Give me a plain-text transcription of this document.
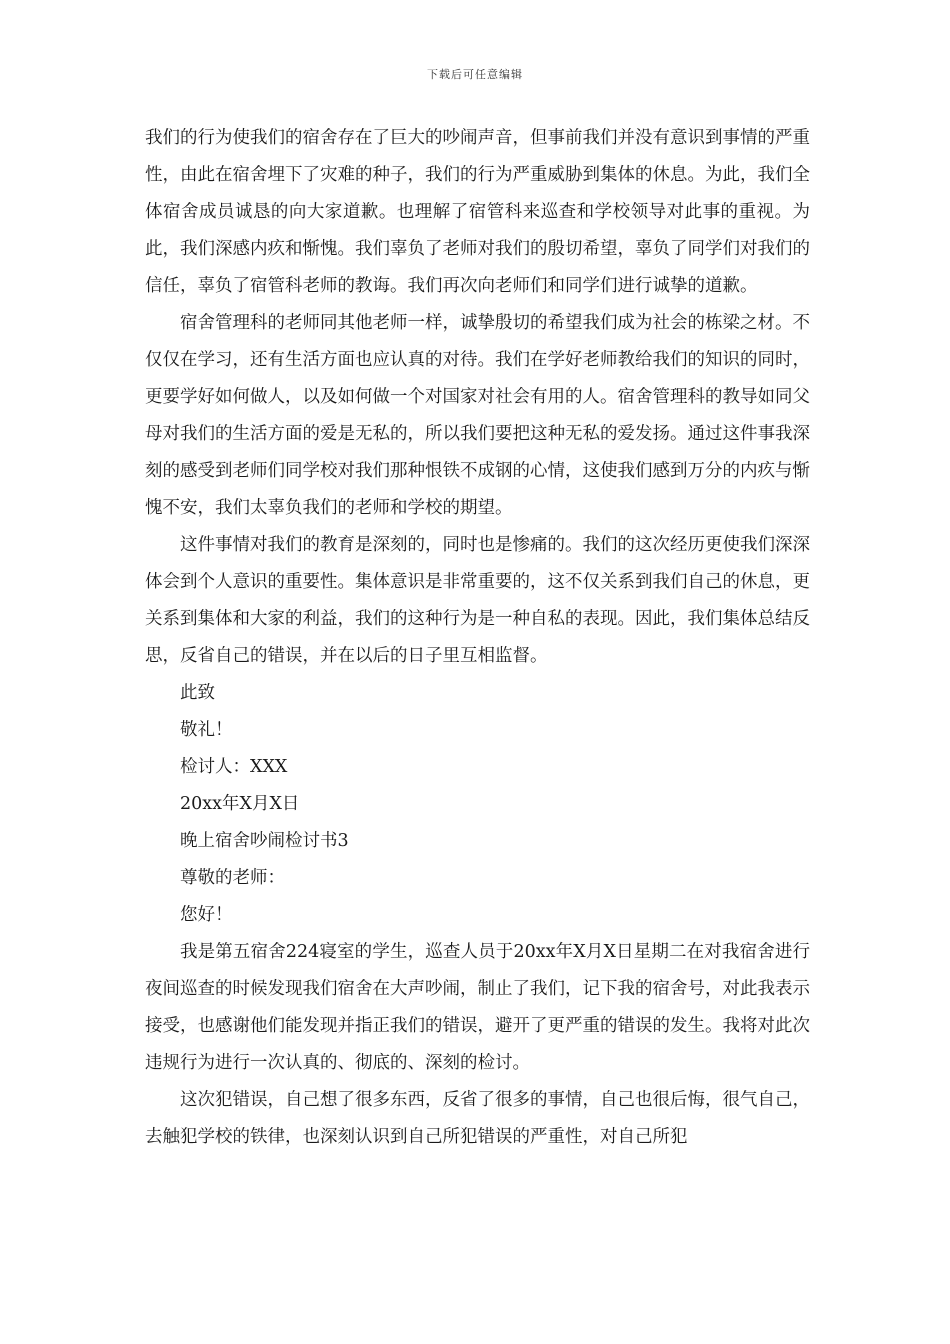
下载后可任意编辑

我们的行为使我们的宿舍存在了巨大的吵闹声音，但事前我们并没有意识到事情的严重性，由此在宿舍埋下了灾难的种子，我们的行为严重威胁到集体的休息。为此，我们全体宿舍成员诚恳的向大家道歉。也理解了宿管科来巡查和学校领导对此事的重视。为此，我们深感内疚和惭愧。我们辜负了老师对我们的殷切希望，辜负了同学们对我们的信任，辜负了宿管科老师的教诲。我们再次向老师们和同学们进行诚挚的道歉。

宿舍管理科的老师同其他老师一样，诚挚殷切的希望我们成为社会的栋梁之材。不仅仅在学习，还有生活方面也应认真的对待。我们在学好老师教给我们的知识的同时，更要学好如何做人，以及如何做一个对国家对社会有用的人。宿舍管理科的教导如同父母对我们的生活方面的爱是无私的，所以我们要把这种无私的爱发扬。通过这件事我深刻的感受到老师们同学校对我们那种恨铁不成钢的心情，这使我们感到万分的内疚与惭愧不安，我们太辜负我们的老师和学校的期望。

这件事情对我们的教育是深刻的，同时也是惨痛的。我们的这次经历更使我们深深体会到个人意识的重要性。集体意识是非常重要的，这不仅关系到我们自己的休息，更关系到集体和大家的利益，我们的这种行为是一种自私的表现。因此，我们集体总结反思，反省自己的错误，并在以后的日子里互相监督。

此致

敬礼！

检讨人：XXX

20xx年X月X日

晚上宿舍吵闹检讨书3

尊敬的老师：

您好！

我是第五宿舍224寝室的学生，巡查人员于20xx年X月X日星期二在对我宿舍进行夜间巡查的时候发现我们宿舍在大声吵闹，制止了我们，记下我的宿舍号，对此我表示接受，也感谢他们能发现并指正我们的错误，避开了更严重的错误的发生。我将对此次违规行为进行一次认真的、彻底的、深刻的检讨。

这次犯错误，自己想了很多东西，反省了很多的事情，自己也很后悔，很气自己，去触犯学校的铁律，也深刻认识到自己所犯错误的严重性，对自己所犯
